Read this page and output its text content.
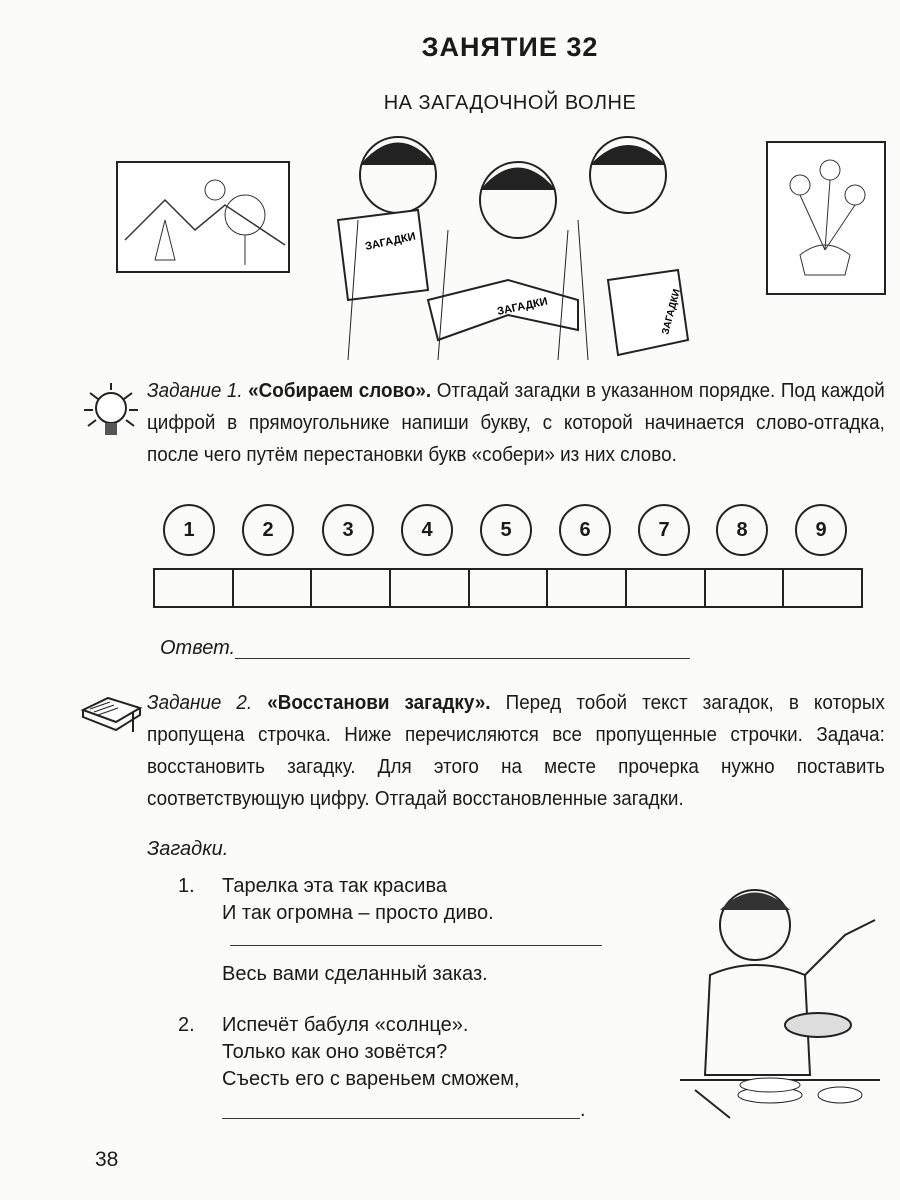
ЗАНЯТИЕ 32
НА ЗАГАДОЧНОЙ ВОЛНЕ
ЗАГАДКИ
ЗАГАДКИ	ЗАГАДКИ
Задание 1. «Собираем слово». Отгадай загадки в указанном порядке. Под каждой цифрой в прямоугольнике напиши букву, с которой начинается слово-отгадка, после чего путём перестановки букв «собери» из них слово.
1	2	3	4	5	6	7	8	9
Ответ.
Задание 2. «Восстанови загадку». Перед тобой текст загадок, в которых пропущена строчка. Ниже перечисляются все пропущенные строчки. Задача: восстановить загадку. Для этого на месте прочерка нужно поставить соответствующую цифру. Отгадай восстановленные загадки.
Загадки.
1. Тарелка эта так красива
И так огромна – просто диво.
Весь вами сделанный заказ.
2. Испечёт бабуля «солнце».
Только как оно зовётся?
Съесть его с вареньем сможем,
.
38
